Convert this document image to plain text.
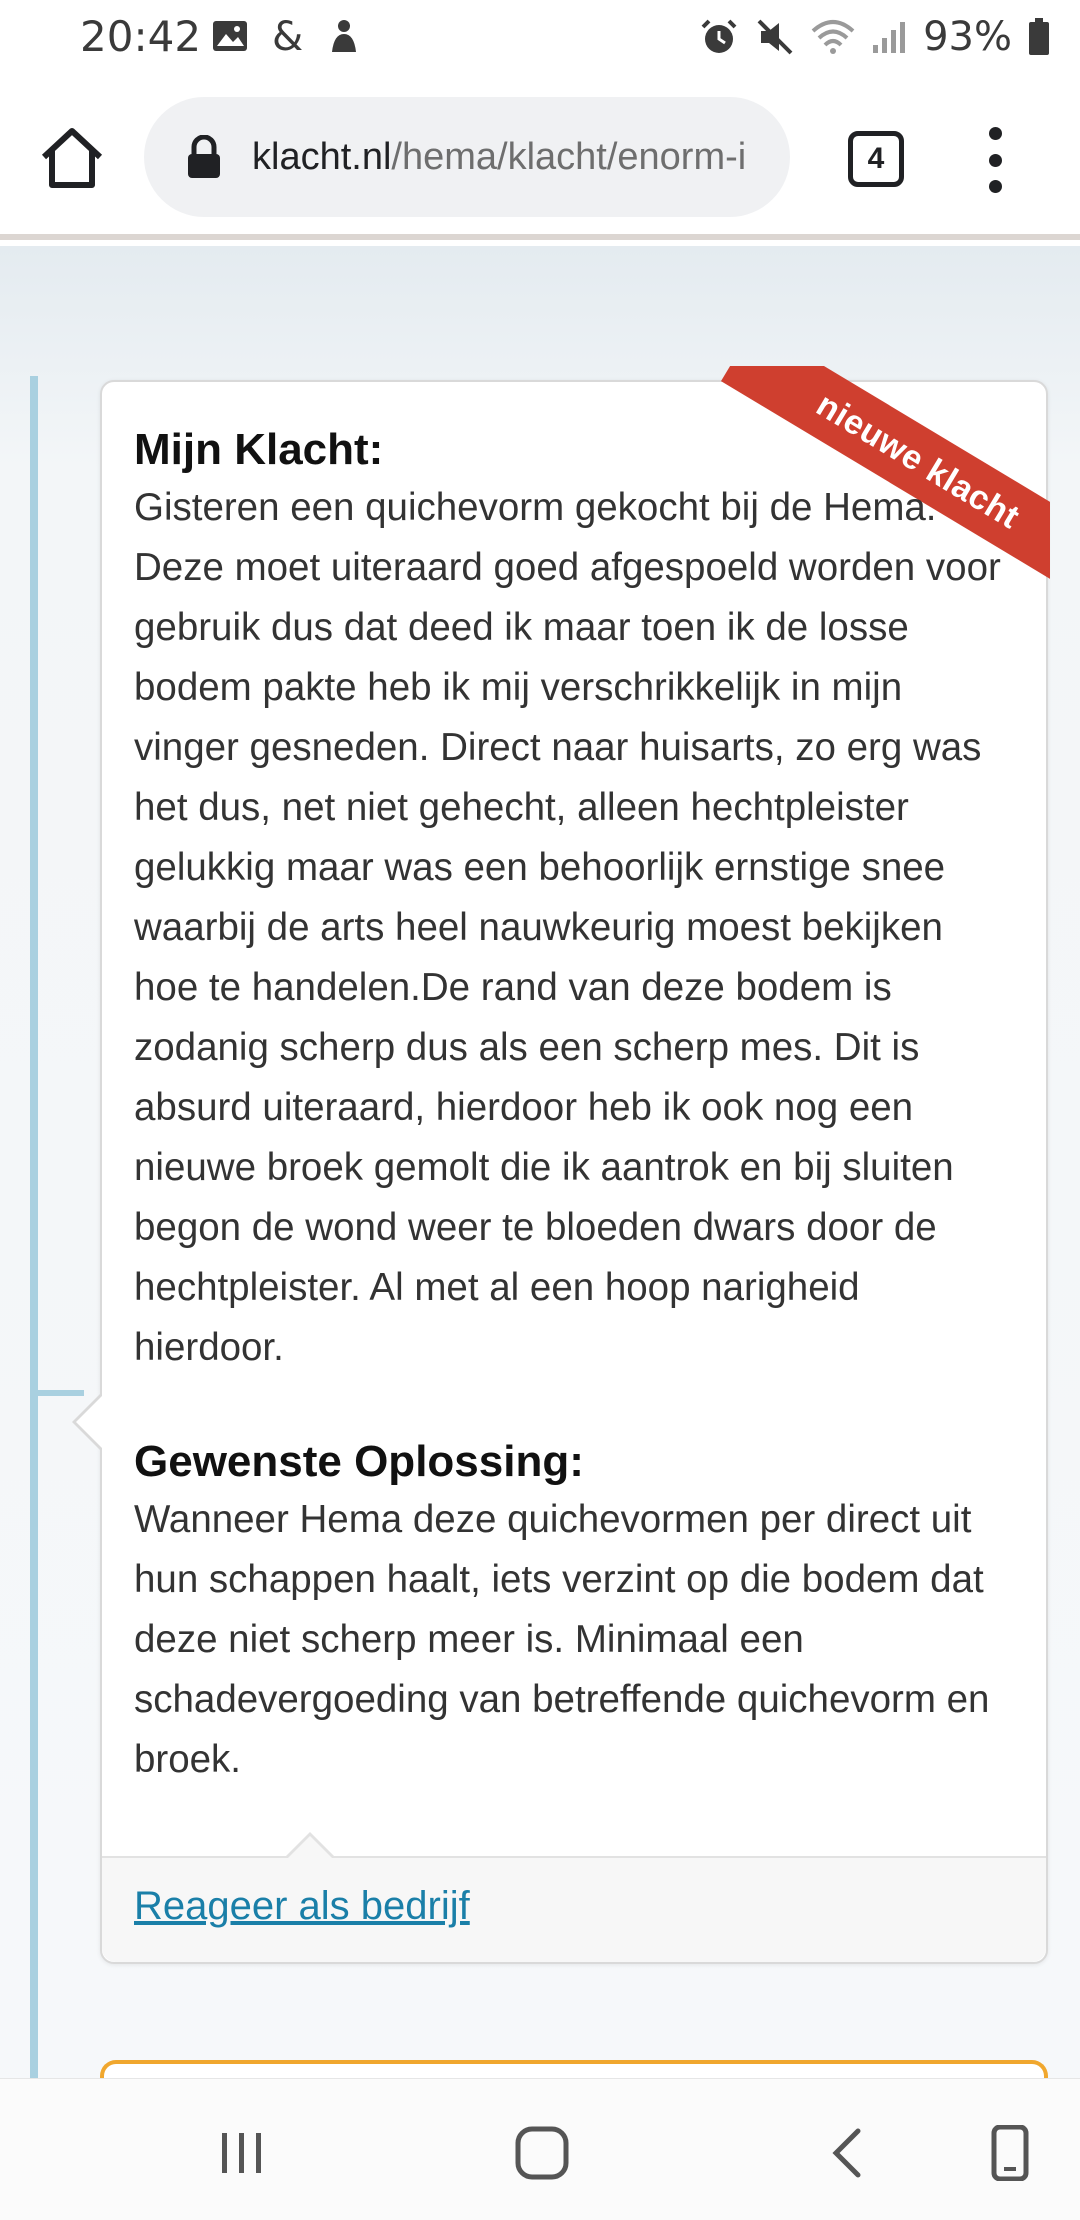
20:42 &	93%
klacht.nl/hema/klacht/enorm-i	4
nieuwe klacht
Mijn Klacht:
Gisteren een quichevorm gekocht bij de Hema. Deze moet uiteraard goed afgespoeld worden voor gebruik dus dat deed ik maar toen ik de losse bodem pakte heb ik mij verschrikkelijk in mijn vinger gesneden. Direct naar huisarts, zo erg was het dus, net niet gehecht, alleen hechtpleister gelukkig maar was een behoorlijk ernstige snee waarbij de arts heel nauwkeurig moest bekijken hoe te handelen.De rand van deze bodem is zodanig scherp dus als een scherp mes. Dit is absurd uiteraard, hierdoor heb ik ook nog een nieuwe broek gemolt die ik aantrok en bij sluiten begon de wond weer te bloeden dwars door de hechtpleister. Al met al een hoop narigheid hierdoor.
Gewenste Oplossing:
Wanneer Hema deze quichevormen per direct uit hun schappen haalt, iets verzint op die bodem dat deze niet scherp meer is. Minimaal een schadevergoeding van betreffende quichevorm en broek.
Reageer als bedrijf
